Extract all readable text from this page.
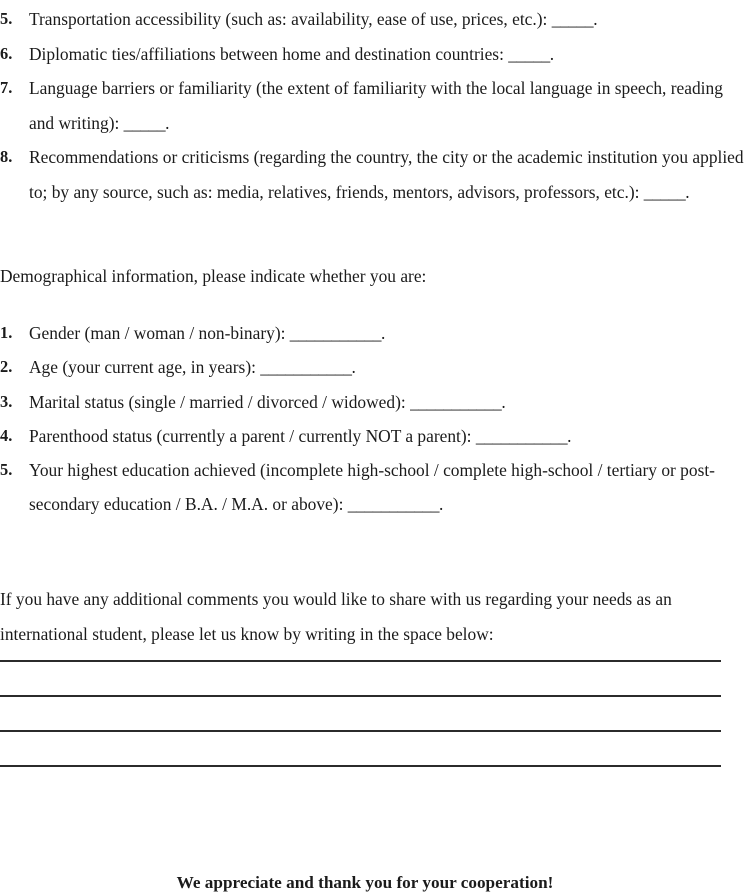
5. Transportation accessibility (such as: availability, ease of use, prices, etc.): _____.
6. Diplomatic ties/affiliations between home and destination countries: _____.
7. Language barriers or familiarity (the extent of familiarity with the local language in speech, reading and writing): _____.
8. Recommendations or criticisms (regarding the country, the city or the academic institution you applied to; by any source, such as: media, relatives, friends, mentors, advisors, professors, etc.): _____.

Demographical information, please indicate whether you are:

1. Gender (man / woman / non-binary): ___________.
2. Age (your current age, in years): ___________.
3. Marital status (single / married / divorced / widowed): ___________.
4. Parenthood status (currently a parent / currently NOT a parent): ___________.
5. Your highest education achieved (incomplete high-school / complete high-school / tertiary or post-secondary education / B.A. / M.A. or above): ___________.

If you have any additional comments you would like to share with us regarding your needs as an international student, please let us know by writing in the space below:

We appreciate and thank you for your cooperation!
